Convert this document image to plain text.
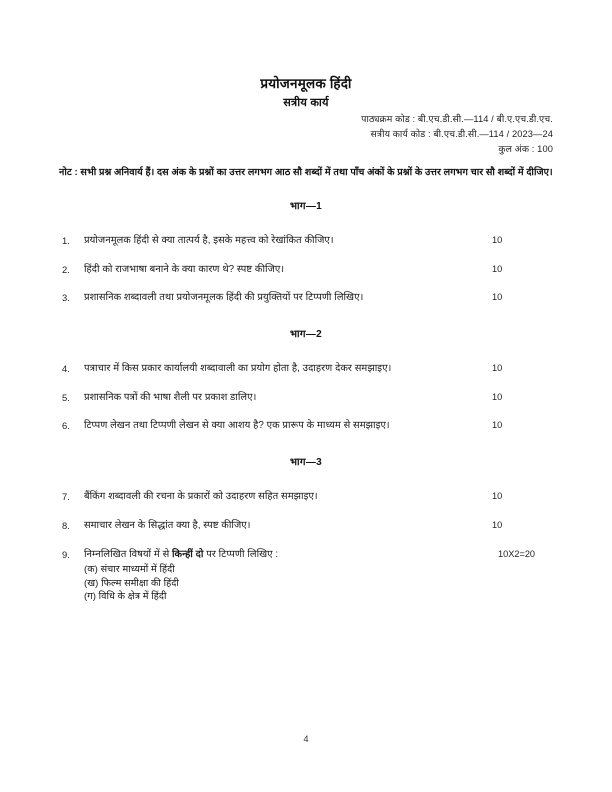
प्रयोजनमूलक हिंदी
सत्रीय कार्य
पाठ्यक्रम कोड : बी.एच.डी.सी.—114 / बी.ए.एच.डी.एच.
सत्रीय कार्य कोड : बी.एच.डी.सी.—114 / 2023—24
कुल अंक : 100
नोट : सभी प्रश्न अनिवार्य हैं। दस अंक के प्रश्नों का उत्तर लगभग आठ सौ शब्दों में तथा पाँच अंकों के प्रश्नों के उत्तर लगभग चार सौ शब्दों में दीजिए।
भाग—1
1.	प्रयोजनमूलक हिंदी से क्या तात्पर्य है, इसके महत्त्व को रेखांकित कीजिए।	10
2.	हिंदी को राजभाषा बनाने के क्या कारण थे? स्पष्ट कीजिए।	10
3.	प्रशासनिक शब्दावली तथा प्रयोजनमूलक हिंदी की प्रयुक्तियों पर टिप्पणी लिखिए।	10
भाग—2
4.	पत्राचार में किस प्रकार कार्यालयी शब्दावाली का प्रयोग होता है, उदाहरण देकर समझाइए।	10
5.	प्रशासनिक पत्रों की भाषा शैली पर प्रकाश डालिए।	10
6.	टिप्पण लेखन तथा टिप्पणी लेखन से क्या आशय है? एक प्रारूप के माध्यम से समझाइए।	10
भाग—3
7.	बैंकिंग शब्दावली की रचना के प्रकारों को उदाहरण सहित समझाइए।	10
8.	समाचार लेखन के सिद्धांत क्या है, स्पष्ट कीजिए।	10
9.	निम्नलिखित विषयों में से किन्हीं दो पर टिप्पणी लिखिए :	10X2=20
(क) संचार माध्यमों में हिंदी
(ख) फिल्म समीक्षा की हिंदी
(ग) विधि के क्षेत्र में हिंदी
4
